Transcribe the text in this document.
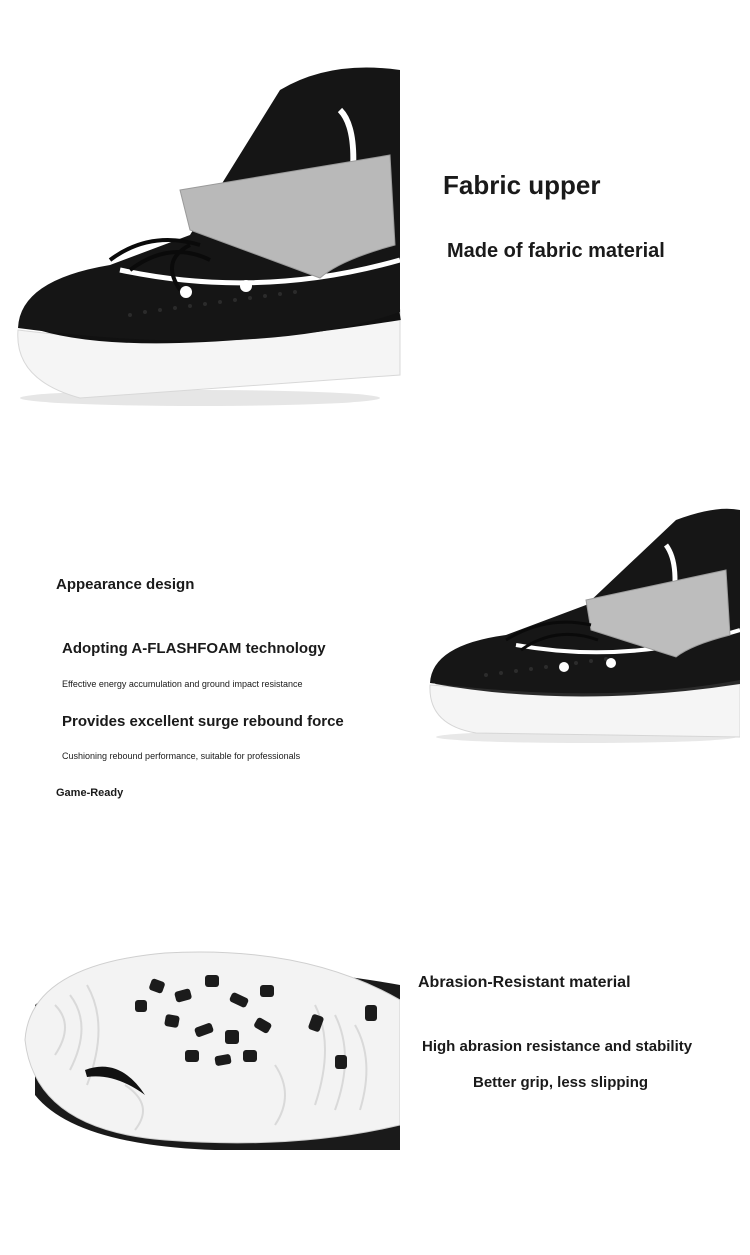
Fabric upper
Made of fabric material
Appearance design
Adopting A-FLASHFOAM technology
Effective energy accumulation and ground impact resistance
Provides excellent surge rebound force
Cushioning rebound performance, suitable for professionals
Game-Ready
Abrasion-Resistant material
High abrasion resistance and stability
Better grip, less slipping
